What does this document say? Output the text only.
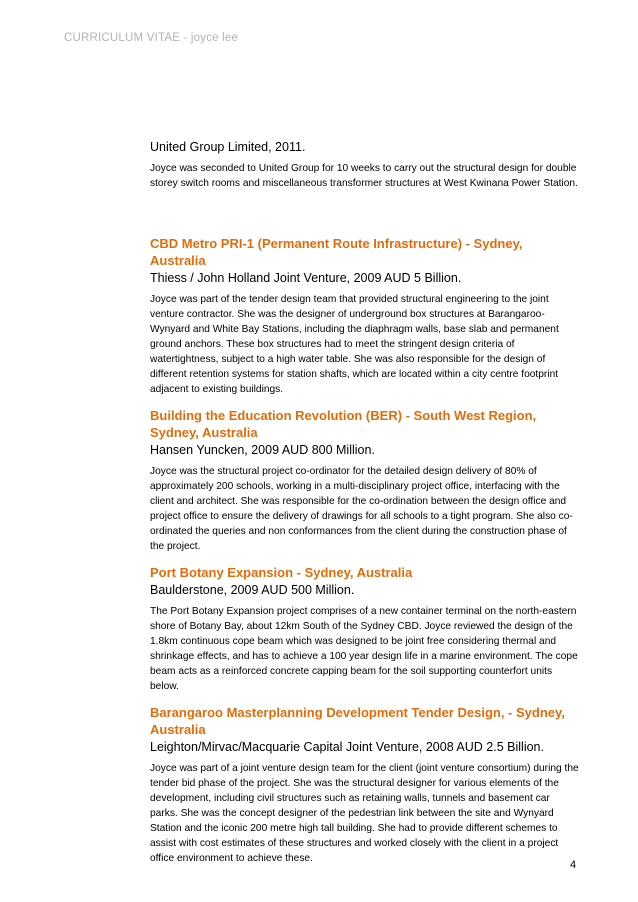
CURRICULUM VITAE - joyce lee

United Group Limited, 2011.

Joyce was seconded to United Group for 10 weeks to carry out the structural design for double storey switch rooms and miscellaneous transformer structures at West Kwinana Power Station.

CBD Metro PRI-1 (Permanent Route Infrastructure) - Sydney, Australia

Thiess / John Holland Joint Venture, 2009 AUD 5 Billion.

Joyce was part of the tender design team that provided structural engineering to the joint venture contractor. She was the designer of underground box structures at Barangaroo-Wynyard and White Bay Stations, including the diaphragm walls, base slab and permanent ground anchors. These box structures had to meet the stringent design criteria of watertightness, subject to a high water table. She was also responsible for the design of different retention systems for station shafts, which are located within a city centre footprint adjacent to existing buildings.

Building the Education Revolution (BER) - South West Region, Sydney, Australia

Hansen Yuncken, 2009 AUD 800 Million.

Joyce was the structural project co-ordinator for the detailed design delivery of 80% of approximately 200 schools, working in a multi-disciplinary project office, interfacing with the client and architect. She was responsible for the co-ordination between the design office and project office to ensure the delivery of drawings for all schools to a tight program. She also co-ordinated the queries and non conformances from the client during the construction phase of the project.

Port Botany Expansion - Sydney, Australia

Baulderstone, 2009 AUD 500 Million.

The Port Botany Expansion project comprises of a new container terminal on the north-eastern shore of Botany Bay, about 12km South of the Sydney CBD. Joyce reviewed the design of the 1.8km continuous cope beam which was designed to be joint free considering thermal and shrinkage effects, and has to achieve a 100 year design life in a marine environment. The cope beam acts as a reinforced concrete capping beam for the soil supporting counterfort units below.

Barangaroo Masterplanning Development Tender Design, - Sydney, Australia

Leighton/Mirvac/Macquarie Capital Joint Venture, 2008 AUD 2.5 Billion.

Joyce was part of a joint venture design team for the client (joint venture consortium) during the tender bid phase of the project. She was the structural designer for various elements of the development, including civil structures such as retaining walls, tunnels and basement car parks. She was the concept designer of the pedestrian link between the site and Wynyard Station and the iconic 200 metre high tall building. She had to provide different schemes to assist with cost estimates of these structures and worked closely with the client in a project office environment to achieve these.

4
